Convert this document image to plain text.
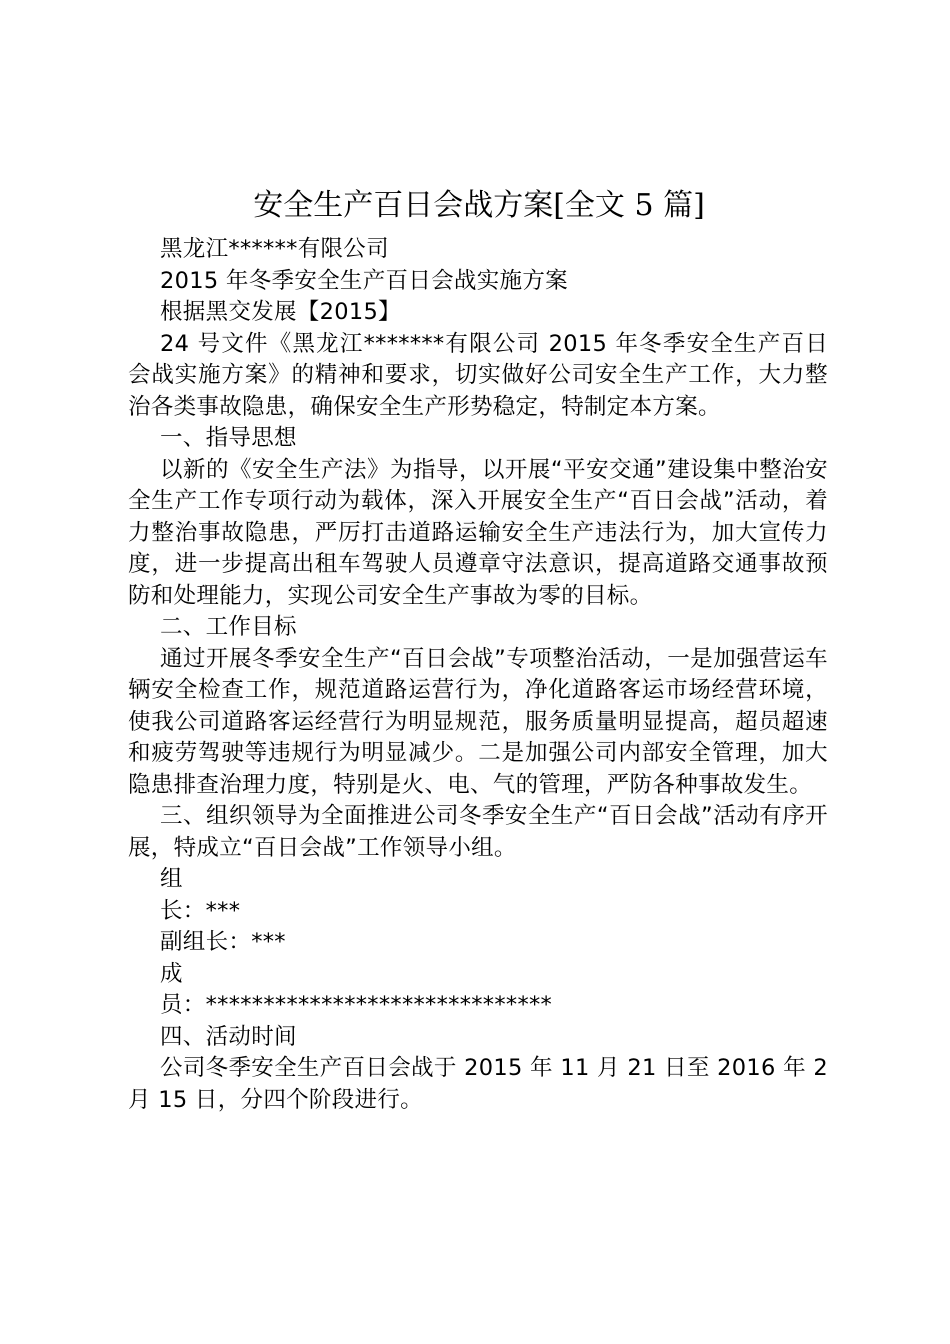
安全生产百日会战方案[全文 5 篇]

黑龙江******有限公司

2015 年冬季安全生产百日会战实施方案

根据黑交发展【2015】

24 号文件《黑龙江*******有限公司 2015 年冬季安全生产百日会战实施方案》的精神和要求，切实做好公司安全生产工作，大力整治各类事故隐患，确保安全生产形势稳定，特制定本方案。

一、指导思想

以新的《安全生产法》为指导，以开展“平安交通”建设集中整治安全生产工作专项行动为载体，深入开展安全生产“百日会战”活动，着力整治事故隐患，严厉打击道路运输安全生产违法行为，加大宣传力度，进一步提高出租车驾驶人员遵章守法意识，提高道路交通事故预防和处理能力，实现公司安全生产事故为零的目标。

二、工作目标

通过开展冬季安全生产“百日会战”专项整治活动，一是加强营运车辆安全检查工作，规范道路运营行为，净化道路客运市场经营环境，使我公司道路客运经营行为明显规范，服务质量明显提高，超员超速和疲劳驾驶等违规行为明显减少。二是加强公司内部安全管理，加大隐患排查治理力度，特别是火、电、气的管理，严防各种事故发生。

三、组织领导为全面推进公司冬季安全生产“百日会战”活动有序开展，特成立“百日会战”工作领导小组。

组

长：***

副组长：***

成

员：******************************

四、活动时间

公司冬季安全生产百日会战于 2015 年 11 月 21 日至 2016 年 2 月 15 日，分四个阶段进行。
